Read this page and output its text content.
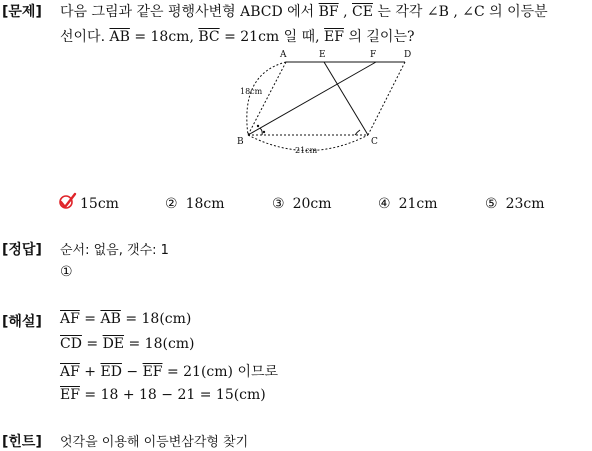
[문제] 다음 그림과 같은 평행사변형 ABCD 에서 $\overline{BF}$ , $\overline{CE}$ 는 각각 ∠B , ∠C 의 이등분
선이다. $\overline{AB} = 18cm$, $\overline{BC} = 21cm$ 일 때, $\overline{EF}$ 의 길이는?
A	E	F	D
B	C
18cm
21cm
15cm	② 18cm	③ 20cm	④ 21cm	⑤ 23cm
[정답] 순서: 없음, 갯수: 1
①
[해설] $\overline{AF} = \overline{AB} = 18(cm)$
$\overline{CD} = \overline{DE} = 18(cm)$
$\overline{AF} + \overline{ED} - \overline{EF} = 21(cm)$ 이므로
$\overline{EF} = 18 + 18 - 21 = 15(cm)$
[힌트] 엇각을 이용해 이등변삼각형 찾기
